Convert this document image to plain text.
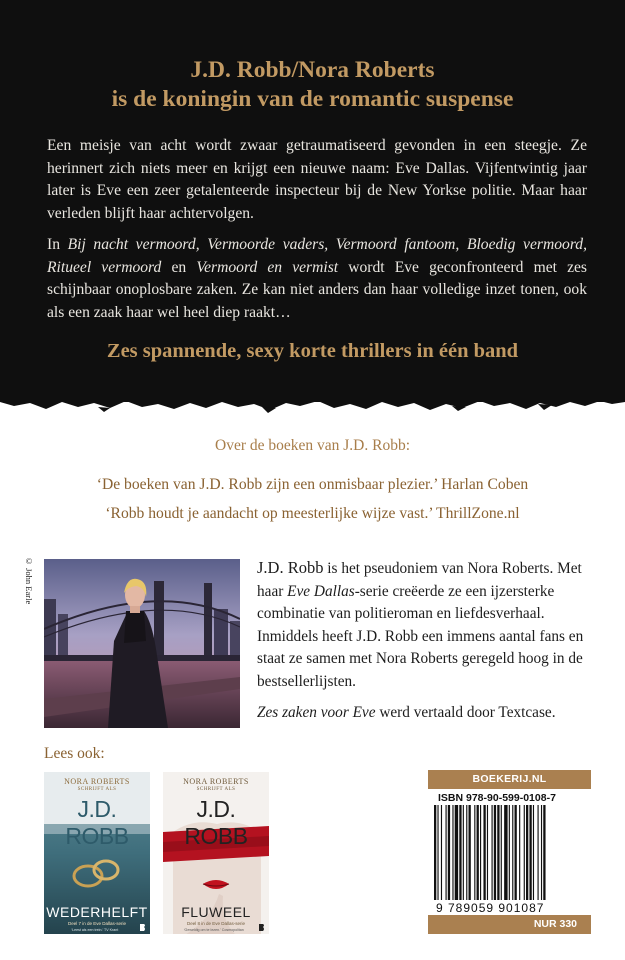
J.D. Robb/Nora Roberts
is de koningin van de romantic suspense

Een meisje van acht wordt zwaar getraumatiseerd gevonden in een steegje. Ze herinnert zich niets meer en krijgt een nieuwe naam: Eve Dallas. Vijfentwintig jaar later is Eve een zeer getalenteerde inspecteur bij de New Yorkse politie. Maar haar verleden blijft haar achtervolgen.

In Bij nacht vermoord, Vermoorde vaders, Vermoord fantoom, Bloedig vermoord, Ritueel vermoord en Vermoord en vermist wordt Eve geconfronteerd met zes schijnbaar onoplosbare zaken. Ze kan niet anders dan haar volledige inzet tonen, ook als een zaak haar wel heel diep raakt…

Zes spannende, sexy korte thrillers in één band
Over de boeken van J.D. Robb:
‘De boeken van J.D. Robb zijn een onmisbaar plezier.’ Harlan Coben
‘Robb houdt je aandacht op meesterlijke wijze vast.’ ThrillZone.nl
© John Earle	J.D. Robb is het pseudoniem van Nora Roberts. Met haar Eve Dallas-serie creëerde ze een ijzersterke combinatie van politieroman en liefdesverhaal. Inmiddels heeft J.D. Robb een immens aantal fans en staat ze samen met Nora Roberts geregeld hoog in de bestsellerlijsten.

Zes zaken voor Eve werd vertaald door Textcase.

Lees ook:
NORA ROBERTS
SCHRIJFT ALS
J.D. ROBB
WEDERHELFT
Deel 7 in de Eve Dallas-serie
‘Leest als een trein.’ TV Krant
NORA ROBERTS
SCHRIJFT ALS
J.D. ROBB
FLUWEEL
Deel 8 in de Eve Dallas-serie
‘Geweldig om te lezen.’ Cosmopolitan
BOEKERIJ.NL
ISBN 978-90-599-0108-7
9 789059 901087
NUR 330
